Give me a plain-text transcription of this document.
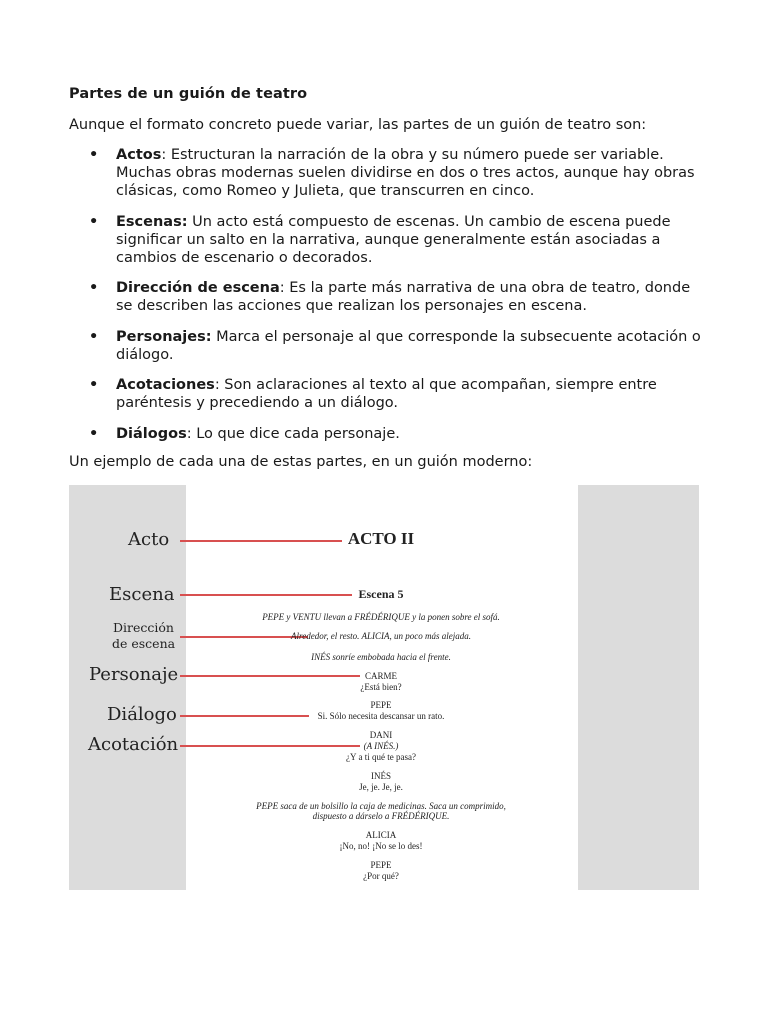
Partes de un guión de teatro
Aunque el formato concreto puede variar, las partes de un guión de teatro son:
• Actos: Estructuran la narración de la obra y su número puede ser variable. Muchas obras modernas suelen dividirse en dos o tres actos, aunque hay obras clásicas, como Romeo y Julieta, que transcurren en cinco.
• Escenas: Un acto está compuesto de escenas. Un cambio de escena puede significar un salto en la narrativa, aunque generalmente están asociadas a cambios de escenario o decorados.
• Dirección de escena: Es la parte más narrativa de una obra de teatro, donde se describen las acciones que realizan los personajes en escena.
• Personajes: Marca el personaje al que corresponde la subsecuente acotación o diálogo.
• Acotaciones: Son aclaraciones al texto al que acompañan, siempre entre paréntesis y precediendo a un diálogo.
• Diálogos: Lo que dice cada personaje.
Un ejemplo de cada una de estas partes, en un guión moderno:
Acto
Escena
Dirección
de escena
Personaje
Diálogo
Acotación
ACTO II
Escena 5
PEPE y VENTU llevan a FRÉDÉRIQUE y la ponen sobre el sofá.
Alrededor, el resto. ALICIA, un poco más alejada.
INÉS sonríe embobada hacia el frente.
CARME
¿Está bien?
PEPE
Si. Sólo necesita descansar un rato.
DANI
(A INÉS.)
¿Y a ti qué te pasa?
INÉS
Je, je. Je, je.
PEPE saca de un bolsillo la caja de medicinas. Saca un comprimido,
dispuesto a dárselo a FRÉDÉRIQUE.
ALICIA
¡No, no! ¡No se lo des!
PEPE
¿Por qué?
